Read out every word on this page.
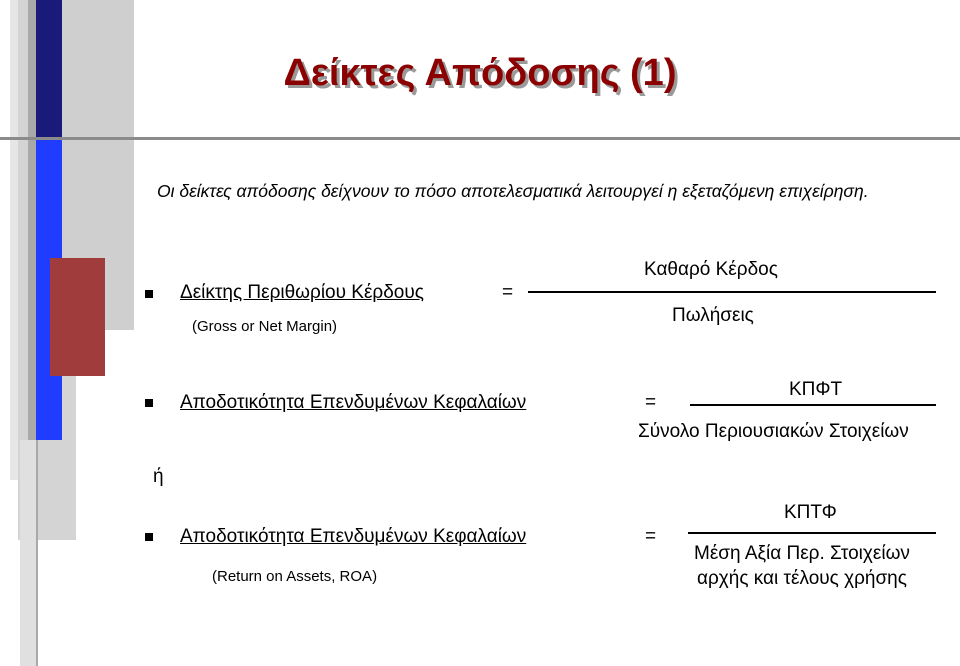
Δείκτες Απόδοσης (1)
Οι δείκτες απόδοσης δείχνουν το πόσο αποτελεσματικά λειτουργεί η εξεταζόμενη επιχείρηση.
Δείκτης Περιθωρίου Κέρδους	=
(Gross or Net Margin)
Καθαρό Κέρδος
Πωλήσεις
Αποδοτικότητα Επενδυμένων Κεφαλαίων	=
ΚΠΦΤ
Σύνολο Περιουσιακών Στοιχείων
ή
Αποδοτικότητα Επενδυμένων Κεφαλαίων	=
(Return on Assets, ROA)
ΚΠΤΦ
Μέση Αξία Περ. Στοιχείων
αρχής και τέλους χρήσης
